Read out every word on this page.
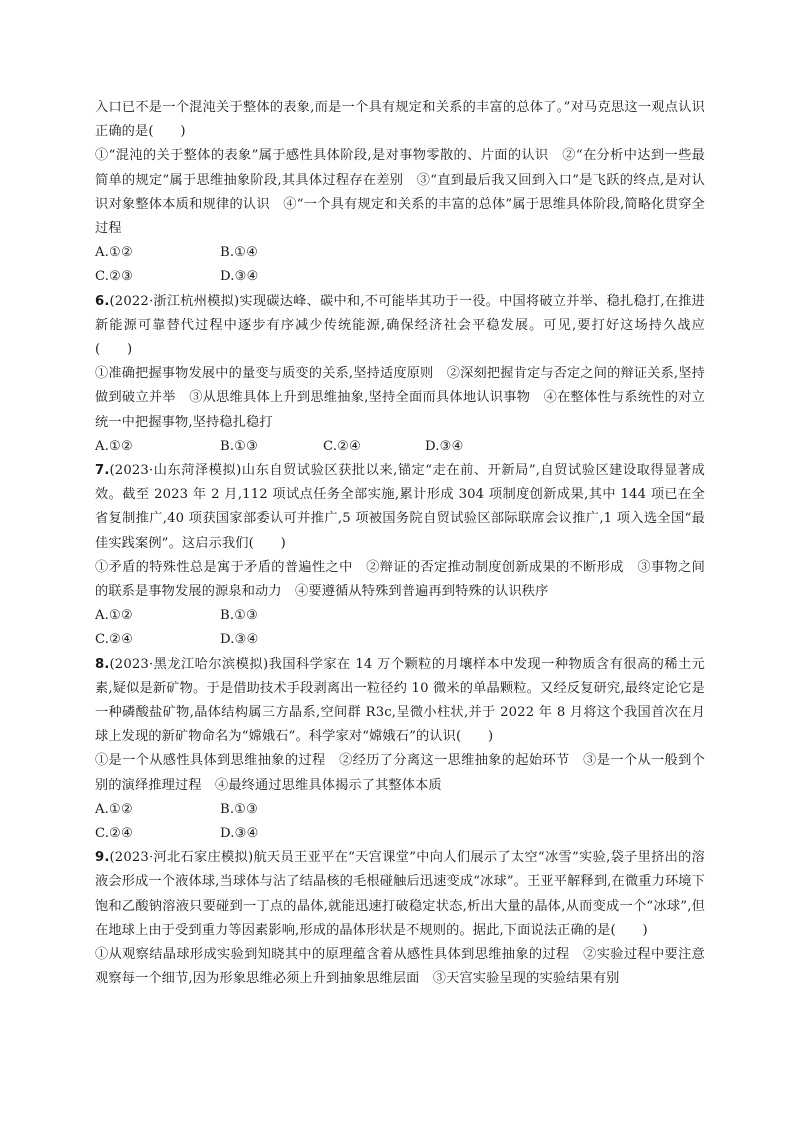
入口已不是一个混沌关于整体的表象,而是一个具有规定和关系的丰富的总体了。”对马克思这一观点认识正确的是(　　)

①“混沌的关于整体的表象”属于感性具体阶段,是对事物零散的、片面的认识　②“在分析中达到一些最简单的规定”属于思维抽象阶段,其具体过程存在差别　③“直到最后我又回到入口”是飞跃的终点,是对认识对象整体本质和规律的认识　④“一个具有规定和关系的丰富的总体”属于思维具体阶段,简略化贯穿全过程

A.①②	B.①④
C.②③	D.③④

6.(2022·浙江杭州模拟)实现碳达峰、碳中和,不可能毕其功于一役。中国将破立并举、稳扎稳打,在推进新能源可靠替代过程中逐步有序减少传统能源,确保经济社会平稳发展。可见,要打好这场持久战应　　　(　　)

①准确把握事物发展中的量变与质变的关系,坚持适度原则　②深刻把握肯定与否定之间的辩证关系,坚持做到破立并举　③从思维具体上升到思维抽象,坚持全面而具体地认识事物　④在整体性与系统性的对立统一中把握事物,坚持稳扎稳打

A.①②	B.①③	C.②④	D.③④

7.(2023·山东菏泽模拟)山东自贸试验区获批以来,锚定“走在前、开新局”,自贸试验区建设取得显著成效。截至 2023 年 2 月,112 项试点任务全部实施,累计形成 304 项制度创新成果,其中 144 项已在全省复制推广,40 项获国家部委认可并推广,5 项被国务院自贸试验区部际联席会议推广,1 项入选全国“最佳实践案例”。这启示我们(　　)

①矛盾的特殊性总是寓于矛盾的普遍性之中　②辩证的否定推动制度创新成果的不断形成　③事物之间的联系是事物发展的源泉和动力　④要遵循从特殊到普遍再到特殊的认识秩序

A.①②	B.①③
C.②④	D.③④

8.(2023·黑龙江哈尔滨模拟)我国科学家在 14 万个颗粒的月壤样本中发现一种物质含有很高的稀土元素,疑似是新矿物。于是借助技术手段剥离出一粒径约 10 微米的单晶颗粒。又经反复研究,最终定论它是一种磷酸盐矿物,晶体结构属三方晶系,空间群 R3c,呈微小柱状,并于 2022 年 8 月将这个我国首次在月球上发现的新矿物命名为“嫦娥石”。科学家对“嫦娥石”的认识(　　)

①是一个从感性具体到思维抽象的过程　②经历了分离这一思维抽象的起始环节　③是一个从一般到个别的演绎推理过程　④最终通过思维具体揭示了其整体本质

A.①②	B.①③
C.②④	D.③④

9.(2023·河北石家庄模拟)航天员王亚平在“天宫课堂”中向人们展示了太空“冰雪”实验,袋子里挤出的溶液会形成一个液体球,当球体与沾了结晶核的毛根碰触后迅速变成“冰球”。王亚平解释到,在微重力环境下饱和乙酸钠溶液只要碰到一丁点的晶体,就能迅速打破稳定状态,析出大量的晶体,从而变成一个“冰球”,但在地球上由于受到重力等因素影响,形成的晶体形状是不规则的。据此,下面说法正确的是(　　)

①从观察结晶球形成实验到知晓其中的原理蕴含着从感性具体到思维抽象的过程　②实验过程中要注意观察每一个细节,因为形象思维必须上升到抽象思维层面　③天宫实验呈现的实验结果有别
